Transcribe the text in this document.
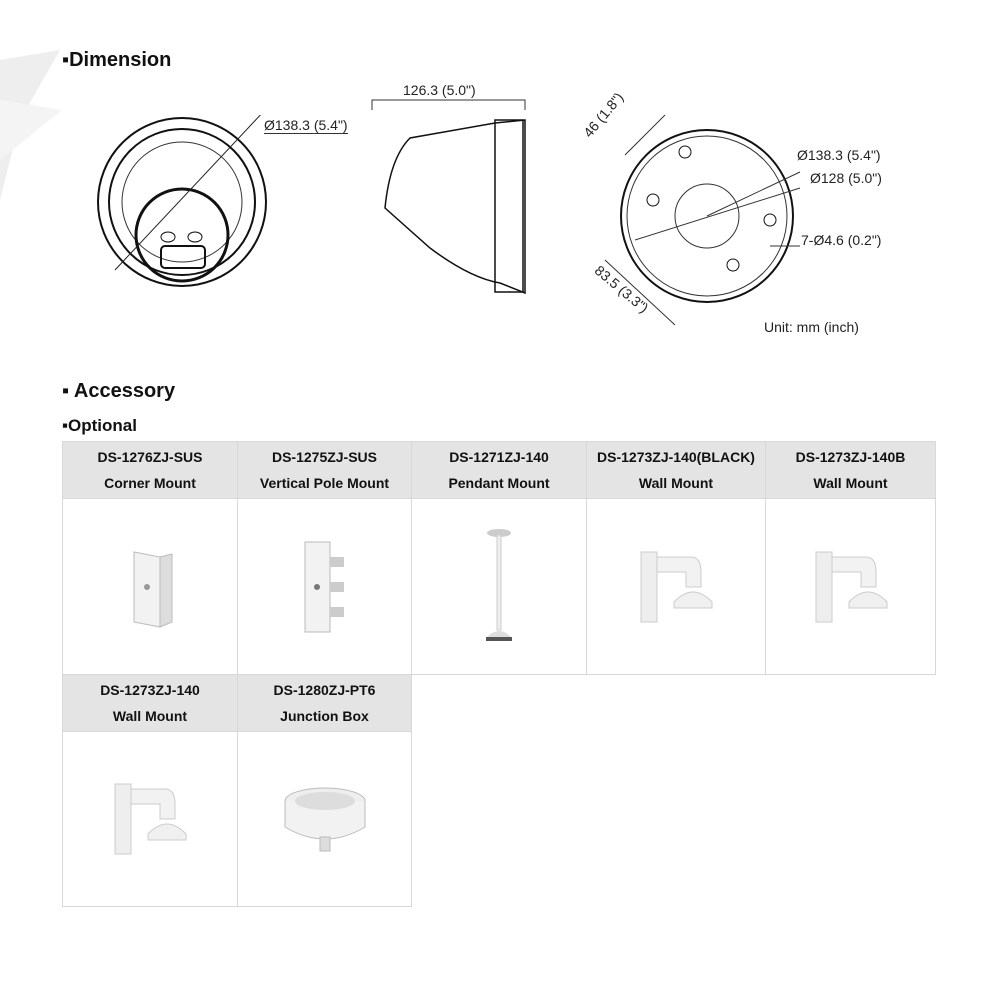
▪Dimension
Ø138.3 (5.4")
126.3 (5.0")
Ø138.3 (5.4")
Ø128 (5.0")
7-Ø4.6 (0.2")
46 (1.8")
83.5 (3.3")
Unit: mm (inch)
▪ Accessory
▪Optional
DS-1276ZJ-SUS
Corner Mount
DS-1275ZJ-SUS
Vertical Pole Mount
DS-1271ZJ-140
Pendant Mount
DS-1273ZJ-140(BLACK)
Wall Mount
DS-1273ZJ-140B
Wall Mount
DS-1273ZJ-140
Wall Mount
DS-1280ZJ-PT6
Junction Box
